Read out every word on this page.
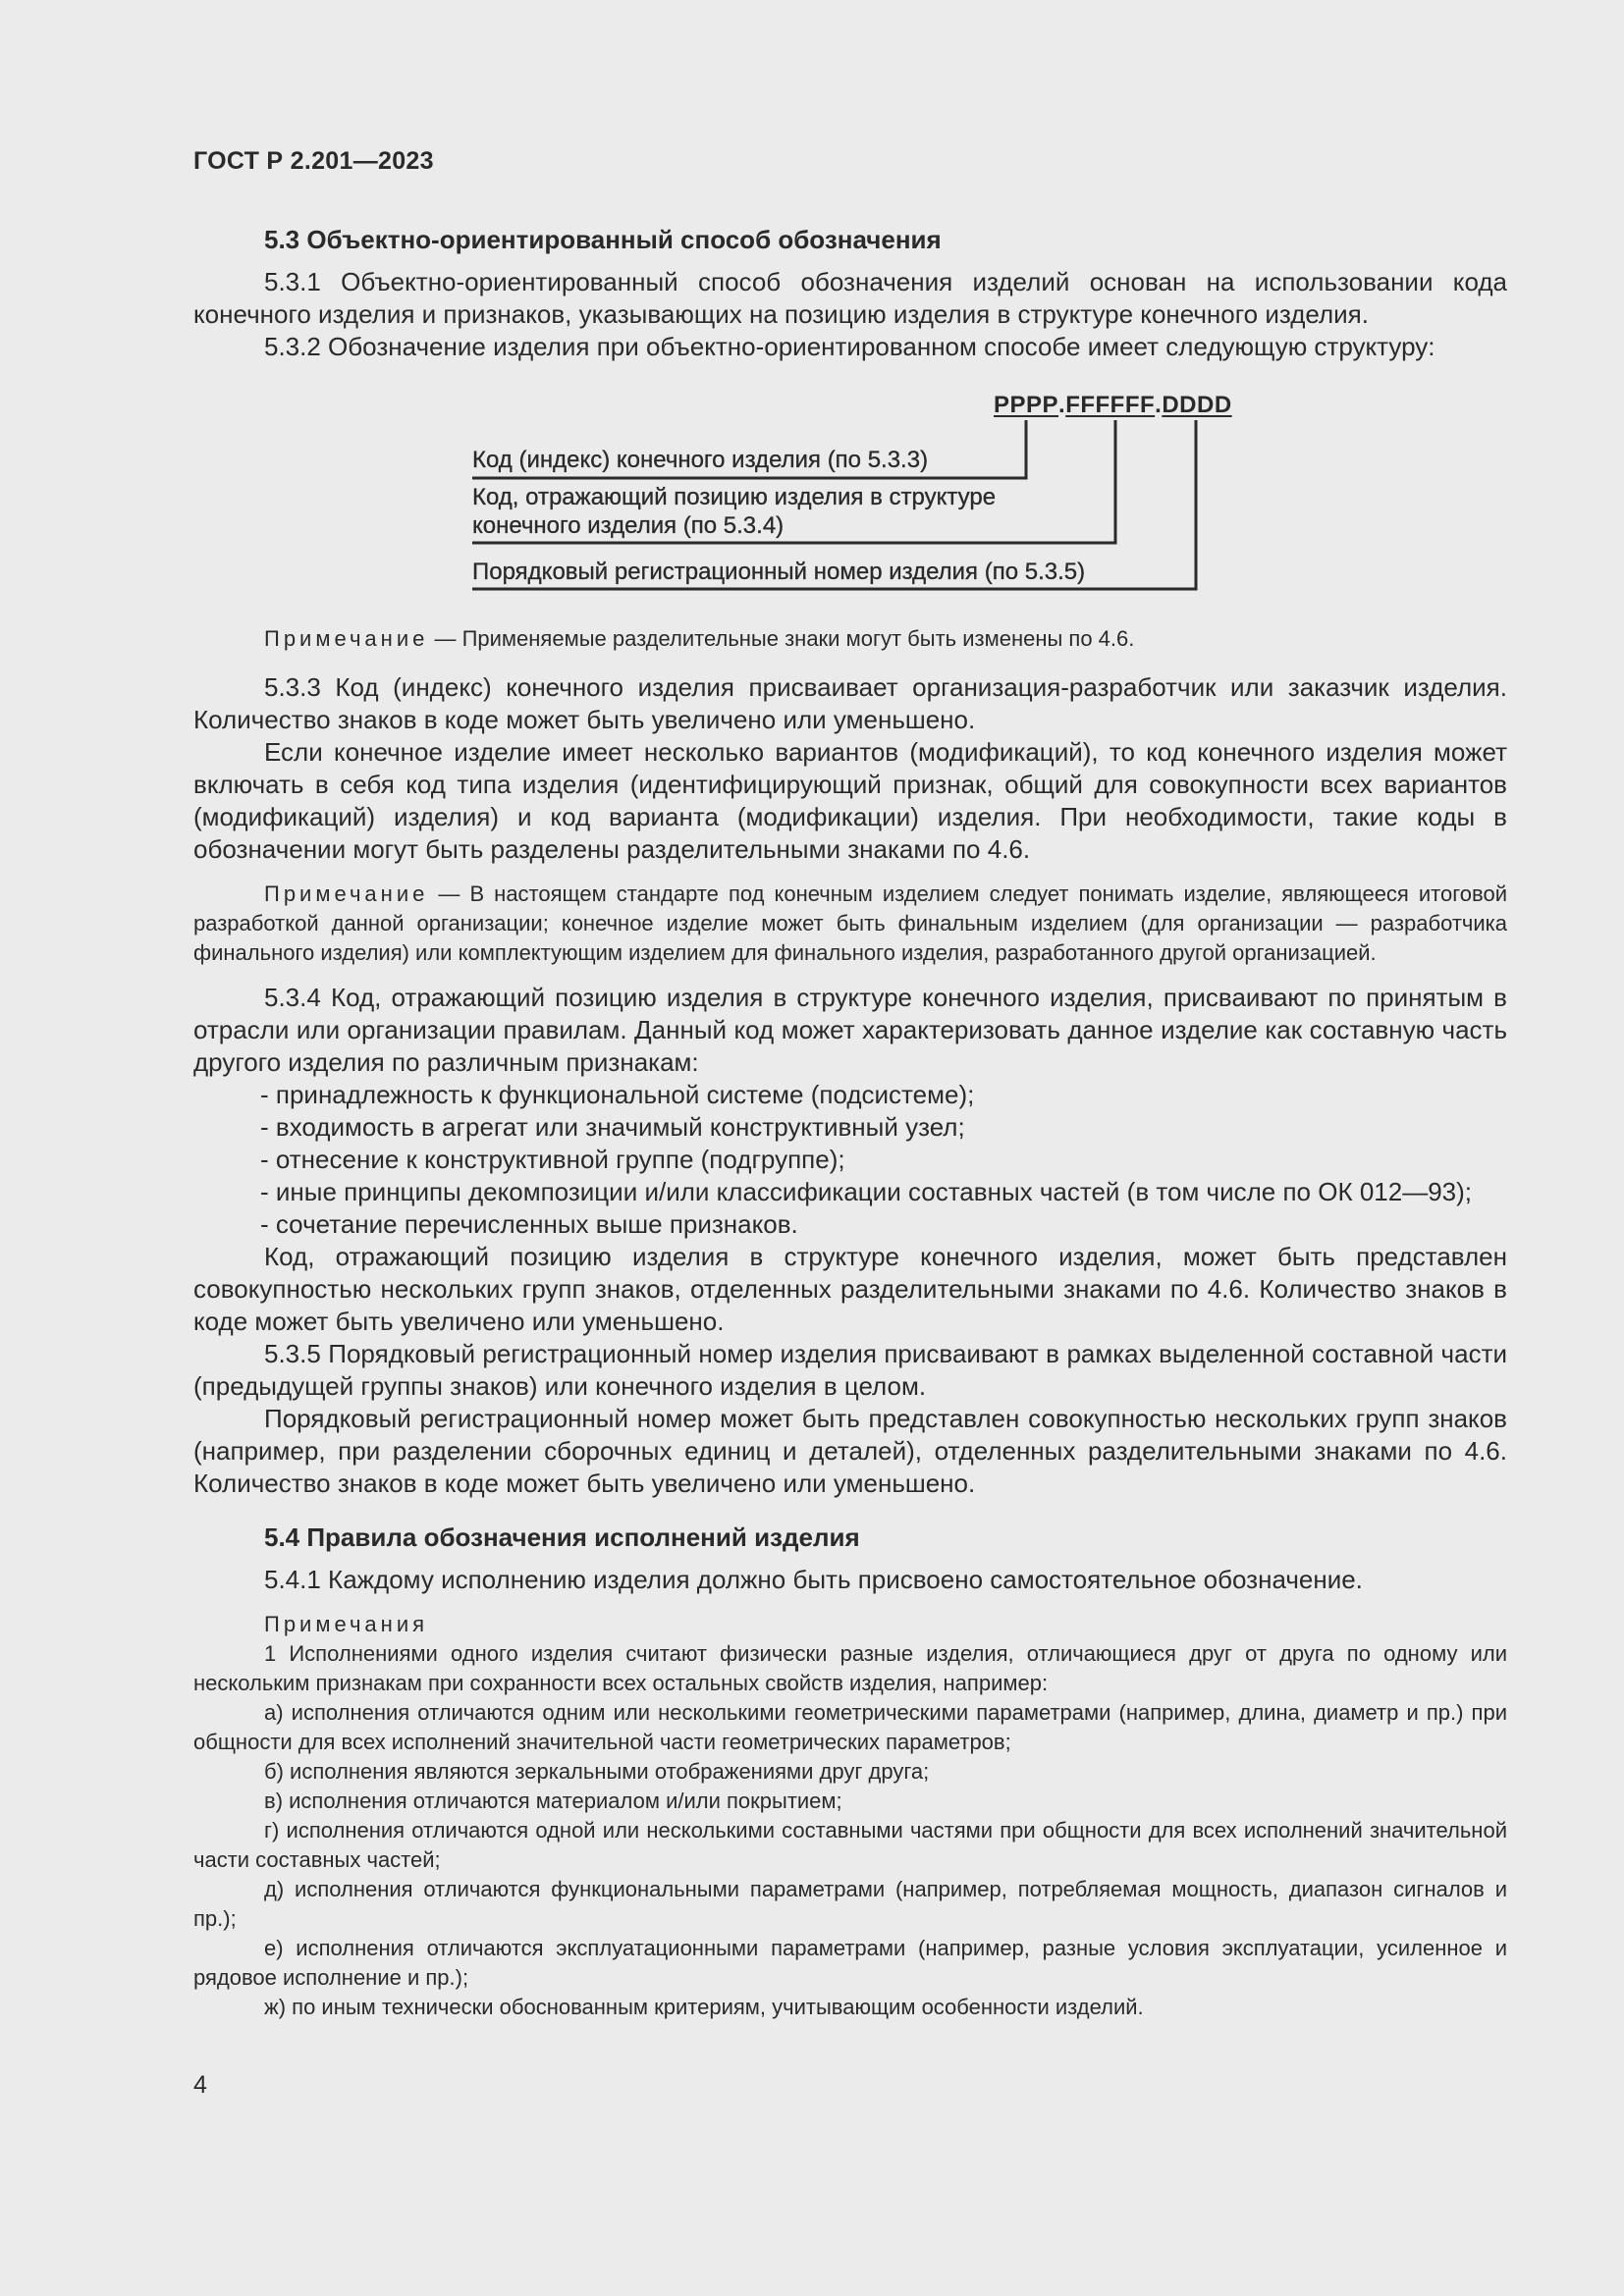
ГОСТ Р 2.201—2023

5.3 Объектно-ориентированный способ обозначения

5.3.1 Объектно-ориентированный способ обозначения изделий основан на использовании кода конечного изделия и признаков, указывающих на позицию изделия в структуре конечного изделия.

5.3.2 Обозначение изделия при объектно-ориентированном способе имеет следующую структуру:

PPPP.FFFFFF.DDDD
Код (индекс) конечного изделия (по 5.3.3)
Код, отражающий позицию изделия в структуре
конечного изделия (по 5.3.4)
Порядковый регистрационный номер изделия (по 5.3.5)

Примечание — Применяемые разделительные знаки могут быть изменены по 4.6.

5.3.3 Код (индекс) конечного изделия присваивает организация-разработчик или заказчик изделия. Количество знаков в коде может быть увеличено или уменьшено.

Если конечное изделие имеет несколько вариантов (модификаций), то код конечного изделия может включать в себя код типа изделия (идентифицирующий признак, общий для совокупности всех вариантов (модификаций) изделия) и код варианта (модификации) изделия. При необходимости, такие коды в обозначении могут быть разделены разделительными знаками по 4.6.

Примечание — В настоящем стандарте под конечным изделием следует понимать изделие, являющееся итоговой разработкой данной организации; конечное изделие может быть финальным изделием (для организации — разработчика финального изделия) или комплектующим изделием для финального изделия, разработанного другой организацией.

5.3.4 Код, отражающий позицию изделия в структуре конечного изделия, присваивают по принятым в отрасли или организации правилам. Данный код может характеризовать данное изделие как составную часть другого изделия по различным признакам:

- принадлежность к функциональной системе (подсистеме);

- входимость в агрегат или значимый конструктивный узел;

- отнесение к конструктивной группе (подгруппе);

- иные принципы декомпозиции и/или классификации составных частей (в том числе по ОК 012—93);

- сочетание перечисленных выше признаков.

Код, отражающий позицию изделия в структуре конечного изделия, может быть представлен совокупностью нескольких групп знаков, отделенных разделительными знаками по 4.6. Количество знаков в коде может быть увеличено или уменьшено.

5.3.5 Порядковый регистрационный номер изделия присваивают в рамках выделенной составной части (предыдущей группы знаков) или конечного изделия в целом.

Порядковый регистрационный номер может быть представлен совокупностью нескольких групп знаков (например, при разделении сборочных единиц и деталей), отделенных разделительными знаками по 4.6. Количество знаков в коде может быть увеличено или уменьшено.

5.4 Правила обозначения исполнений изделия

5.4.1 Каждому исполнению изделия должно быть присвоено самостоятельное обозначение.

Примечания

1 Исполнениями одного изделия считают физически разные изделия, отличающиеся друг от друга по одному или нескольким признакам при сохранности всех остальных свойств изделия, например:

а) исполнения отличаются одним или несколькими геометрическими параметрами (например, длина, диаметр и пр.) при общности для всех исполнений значительной части геометрических параметров;

б) исполнения являются зеркальными отображениями друг друга;

в) исполнения отличаются материалом и/или покрытием;

г) исполнения отличаются одной или несколькими составными частями при общности для всех исполнений значительной части составных частей;

д) исполнения отличаются функциональными параметрами (например, потребляемая мощность, диапазон сигналов и пр.);

е) исполнения отличаются эксплуатационными параметрами (например, разные условия эксплуатации, усиленное и рядовое исполнение и пр.);

ж) по иным технически обоснованным критериям, учитывающим особенности изделий.

4
